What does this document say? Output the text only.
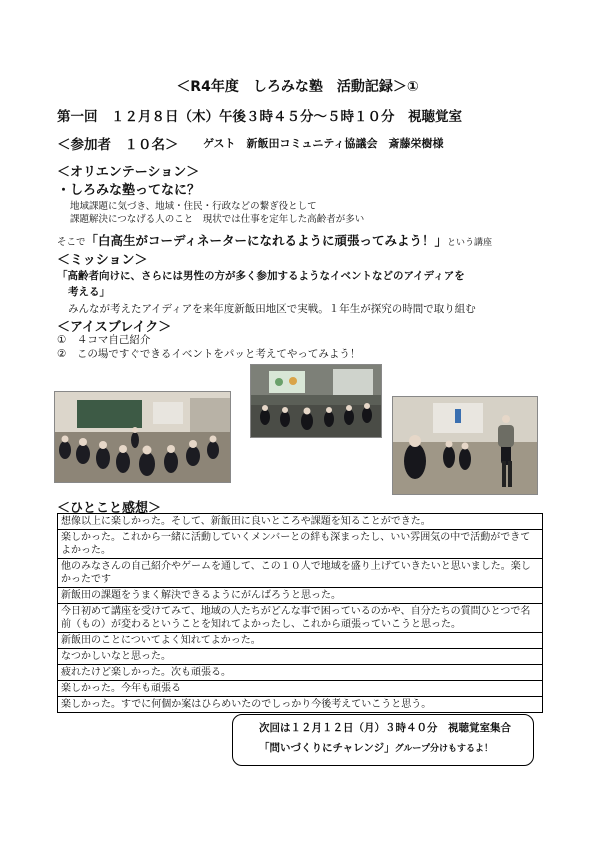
＜R4年度　しろみな塾　活動記録＞①
第一回　１２月８日（木）午後３時４５分～５時１０分　視聴覚室
＜参加者　１０名＞ ゲスト　新飯田コミュニティ協議会　斎藤栄樹様
＜オリエンテーション＞
・しろみな塾ってなに？
地域課題に気づき、地域・住民・行政などの繋ぎ役として
課題解決につなげる人のこと　現状では仕事を定年した高齢者が多い
そこで 「白高生がコーディネーターになれるように頑張ってみよう！」 という講座
＜ミッション＞
「高齢者向けに、さらには男性の方が多く参加するようなイベントなどのアイディアを
考える」
みんなが考えたアイディアを来年度新飯田地区で実戦。１年生が探究の時間で取り組む
＜アイスブレイク＞
①　４コマ自己紹介
②　この場ですぐできるイベントをパッと考えてやってみよう！
＜ひとこと感想＞
想像以上に楽しかった。そして、新飯田に良いところや課題を知ることができた。
楽しかった。これから一緒に活動していくメンバーとの絆も深まったし、いい雰囲気の中で活動ができてよかった。
他のみなさんの自己紹介やゲームを通して、この１０人で地域を盛り上げていきたいと思いました。楽しかったです
新飯田の課題をうまく解決できるようにがんばろうと思った。
今日初めて講座を受けてみて、地域の人たちがどんな事で困っているのかや、自分たちの質問ひとつで名前（もの）が変わるということを知れてよかったし、これから頑張っていこうと思った。
新飯田のことについてよく知れてよかった。
なつかしいなと思った。
疲れたけど楽しかった。次も頑張る。
楽しかった。今年も頑張る
楽しかった。すでに何個か案はひらめいたのでしっかり今後考えていこうと思う。
次回は１２月１２日（月）３時４０分　視聴覚室集合
「問いづくりにチャレンジ」グループ分けもするよ！
